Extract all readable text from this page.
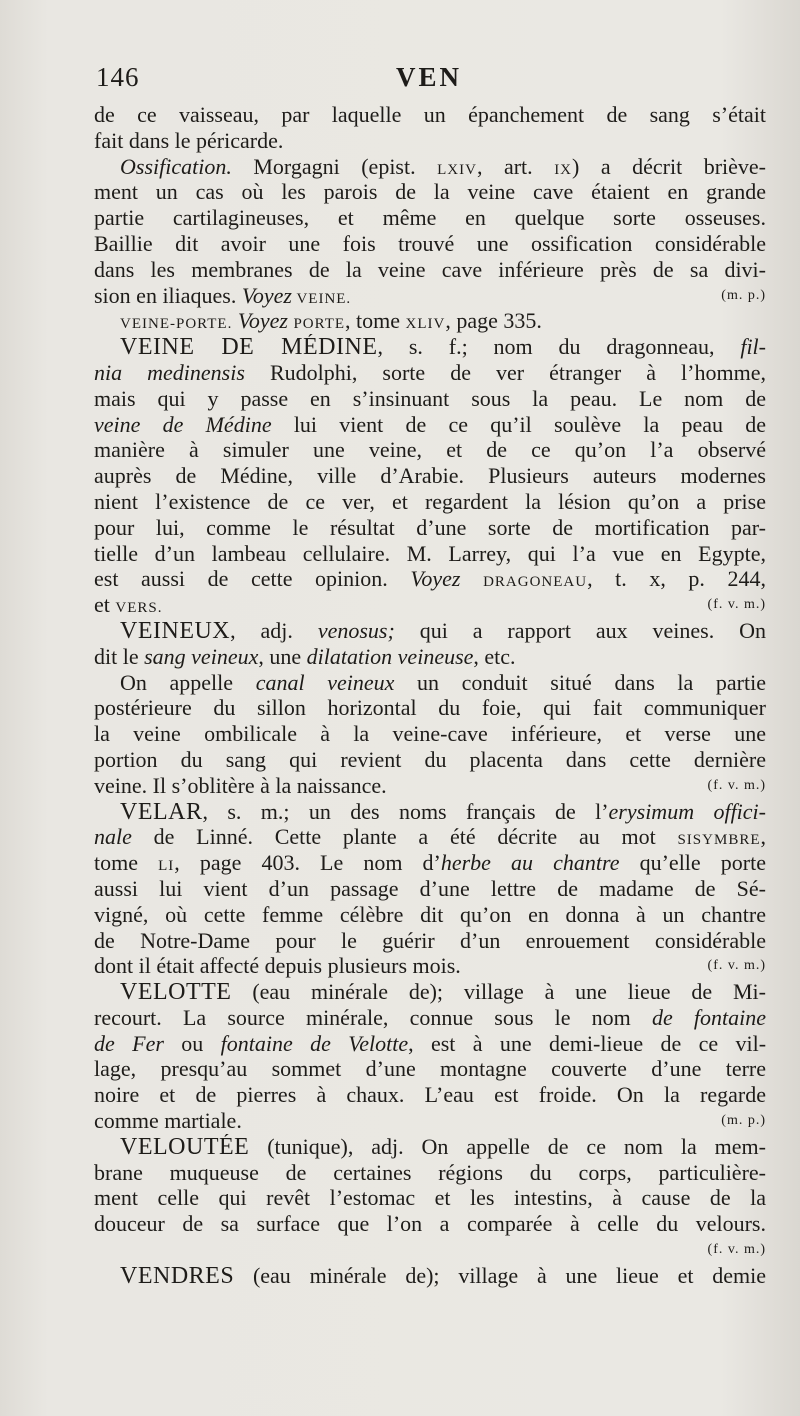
146	VEN
de ce vaisseau, par laquelle un épanchement de sang s’était
fait dans le péricarde.
Ossification. Morgagni (epist. LXIV, art. IX) a décrit briève-
ment un cas où les parois de la veine cave étaient en grande
partie cartilagineuses, et même en quelque sorte osseuses.
Baillie dit avoir une fois trouvé une ossification considérable
dans les membranes de la veine cave inférieure près de sa divi-
(m. p.)
sion en iliaques. Voyez VEINE.
VEINE-PORTE. Voyez PORTE, tome XLIV, page 335.
VEINE DE MÉDINE, s. f.; nom du dragonneau, fil-
nia medinensis Rudolphi, sorte de ver étranger à l’homme,
mais qui y passe en s’insinuant sous la peau. Le nom de
veine de Médine lui vient de ce qu’il soulève la peau de
manière à simuler une veine, et de ce qu’on l’a observé
auprès de Médine, ville d’Arabie. Plusieurs auteurs modernes
nient l’existence de ce ver, et regardent la lésion qu’on a prise
pour lui, comme le résultat d’une sorte de mortification par-
tielle d’un lambeau cellulaire. M. Larrey, qui l’a vue en Egypte,
est aussi de cette opinion. Voyez DRAGONEAU, t. x, p. 244,
(f. v. m.)
et VERS.
VEINEUX, adj. venosus; qui a rapport aux veines. On
dit le sang veineux, une dilatation veineuse, etc.
On appelle canal veineux un conduit situé dans la partie
postérieure du sillon horizontal du foie, qui fait communiquer
la veine ombilicale à la veine-cave inférieure, et verse une
portion du sang qui revient du placenta dans cette dernière
(f. v. m.)
veine. Il s’oblitère à la naissance.
VELAR, s. m.; un des noms français de l’erysimum offici-
nale de Linné. Cette plante a été décrite au mot SISYMBRE,
tome LI, page 403. Le nom d’herbe au chantre qu’elle porte
aussi lui vient d’un passage d’une lettre de madame de Sé-
vigné, où cette femme célèbre dit qu’on en donna à un chantre
de Notre-Dame pour le guérir d’un enrouement considérable
(f. v. m.)
dont il était affecté depuis plusieurs mois.
VELOTTE (eau minérale de); village à une lieue de Mi-
recourt. La source minérale, connue sous le nom de fontaine
de Fer ou fontaine de Velotte, est à une demi-lieue de ce vil-
lage, presqu’au sommet d’une montagne couverte d’une terre
noire et de pierres à chaux. L’eau est froide. On la regarde
(m. p.)
comme martiale.
VELOUTÉE (tunique), adj. On appelle de ce nom la mem-
brane muqueuse de certaines régions du corps, particulière-
ment celle qui revêt l’estomac et les intestins, à cause de la
douceur de sa surface que l’on a comparée à celle du velours.
(f. v. m.)
VENDRES (eau minérale de); village à une lieue et demie
